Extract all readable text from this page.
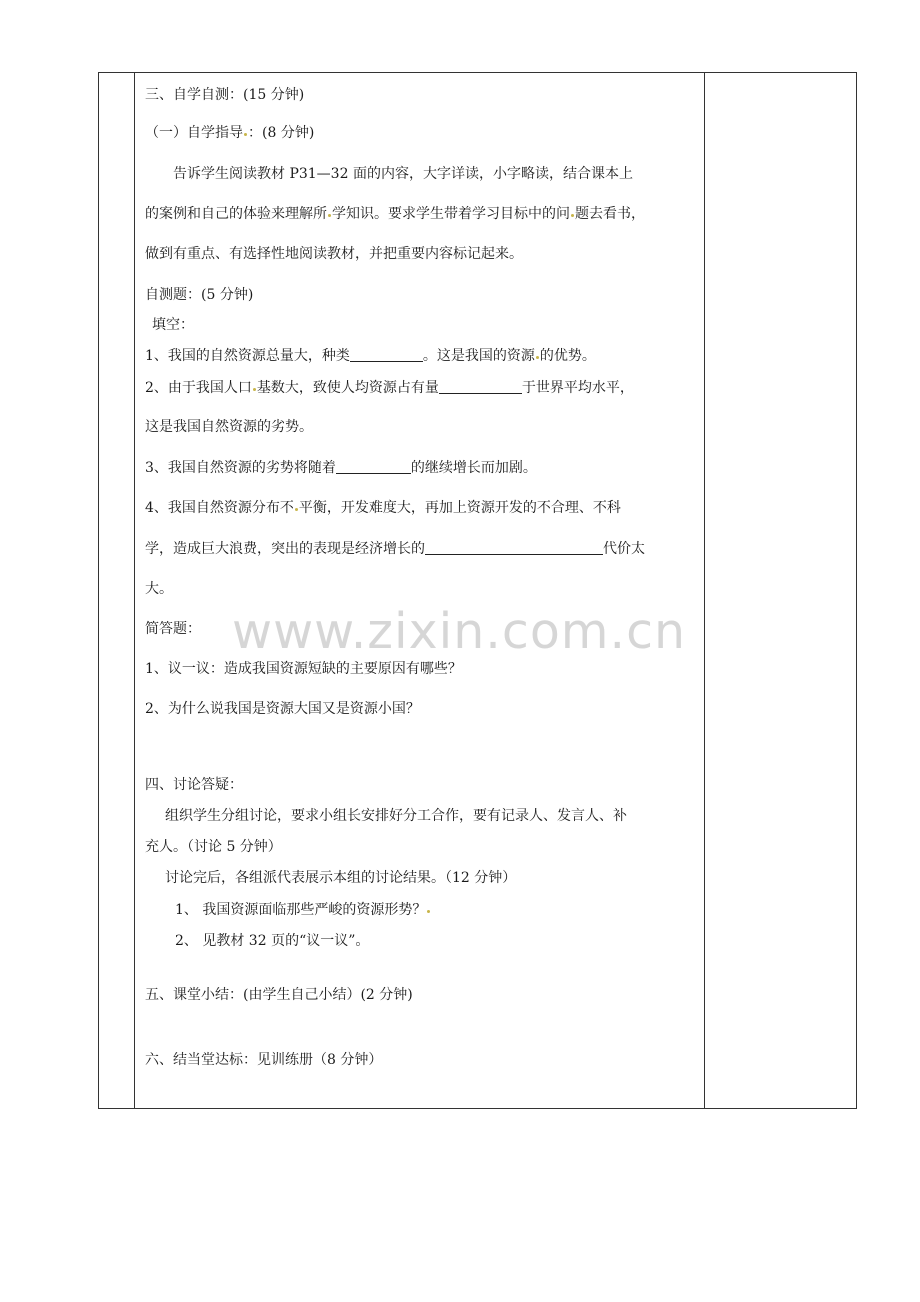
三、自学自测：(15 分钟)
（一）自学指导 ：(8 分钟)
告诉学生阅读教材 P31—32 面的内容，大字详读，小字略读，结合课本上
的案例和自己的体验来理解所 学知识。要求学生带着学习目标中的问 题去看书，
做到有重点、有选择性地阅读教材，并把重要内容标记起来。
自测题：(5 分钟)
填空：
1、我国的自然资源总量大，种类	。这是我国的资源 的优势。
2、由于我国人口 基数大，致使人均资源占有量	于世界平均水平，
这是我国自然资源的劣势。
3、我国自然资源的劣势将随着	的继续增长而加剧。
4、我国自然资源分布不 平衡，开发难度大，再加上资源开发的不合理、不科
学，造成巨大浪费，突出的表现是经济增长的	代价太
大。
简答题：
1、议一议：造成我国资源短缺的主要原因有哪些？
2、为什么说我国是资源大国又是资源小国？
四、讨论答疑：
组织学生分组讨论，要求小组长安排好分工合作，要有记录人、发言人、补
充人。（讨论 5 分钟）
讨论完后，各组派代表展示本组的讨论结果。（12 分钟）
1、 我国资源面临那些严峻的资源形势？
2、 见教材 32 页的“议一议”。
五、课堂小结：(由学生自己小结）(2 分钟)
六、结当堂达标：见训练册（8 分钟）
www.zixin.com.cn
